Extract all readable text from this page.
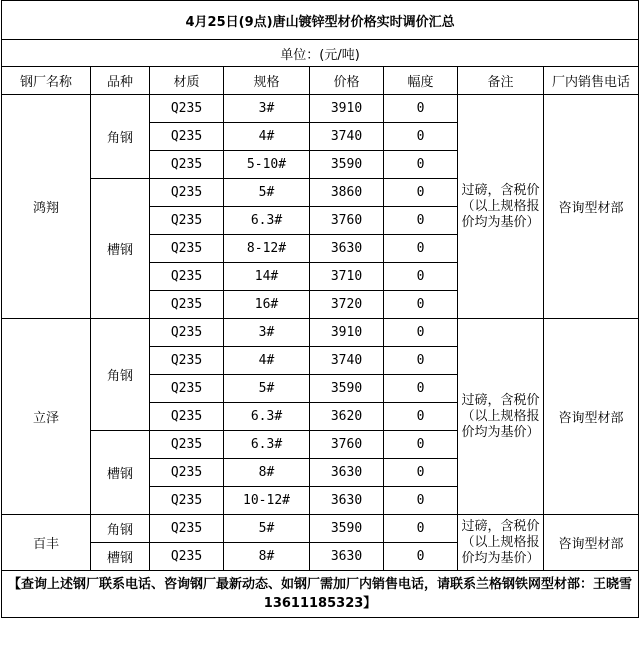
4月25日(9点)唐山镀锌型材价格实时调价汇总							
单位：(元/吨)							
钢厂名称	品种	材质	规格	价格	幅度	备注	厂内销售电话
鸿翔	角钢	Q235	3#	3910	0	过磅，含税价（以上规格报价均为基价）	咨询型材部
		Q235	4#	3740	0		
		Q235	5-10#	3590	0		
	槽钢	Q235	5#	3860	0		
		Q235	6.3#	3760	0		
		Q235	8-12#	3630	0		
		Q235	14#	3710	0		
		Q235	16#	3720	0		
立泽	角钢	Q235	3#	3910	0	过磅，含税价（以上规格报价均为基价）	咨询型材部
		Q235	4#	3740	0		
		Q235	5#	3590	0		
		Q235	6.3#	3620	0		
	槽钢	Q235	6.3#	3760	0		
		Q235	8#	3630	0		
		Q235	10-12#	3630	0		
百丰	角钢	Q235	5#	3590	0	过磅，含税价（以上规格报价均为基价）	咨询型材部
	槽钢	Q235	8#	3630	0		
【查询上述钢厂联系电话、咨询钢厂最新动态、如钢厂需加厂内销售电话，请联系兰格钢铁网型材部：王晓雪13611185323】							
